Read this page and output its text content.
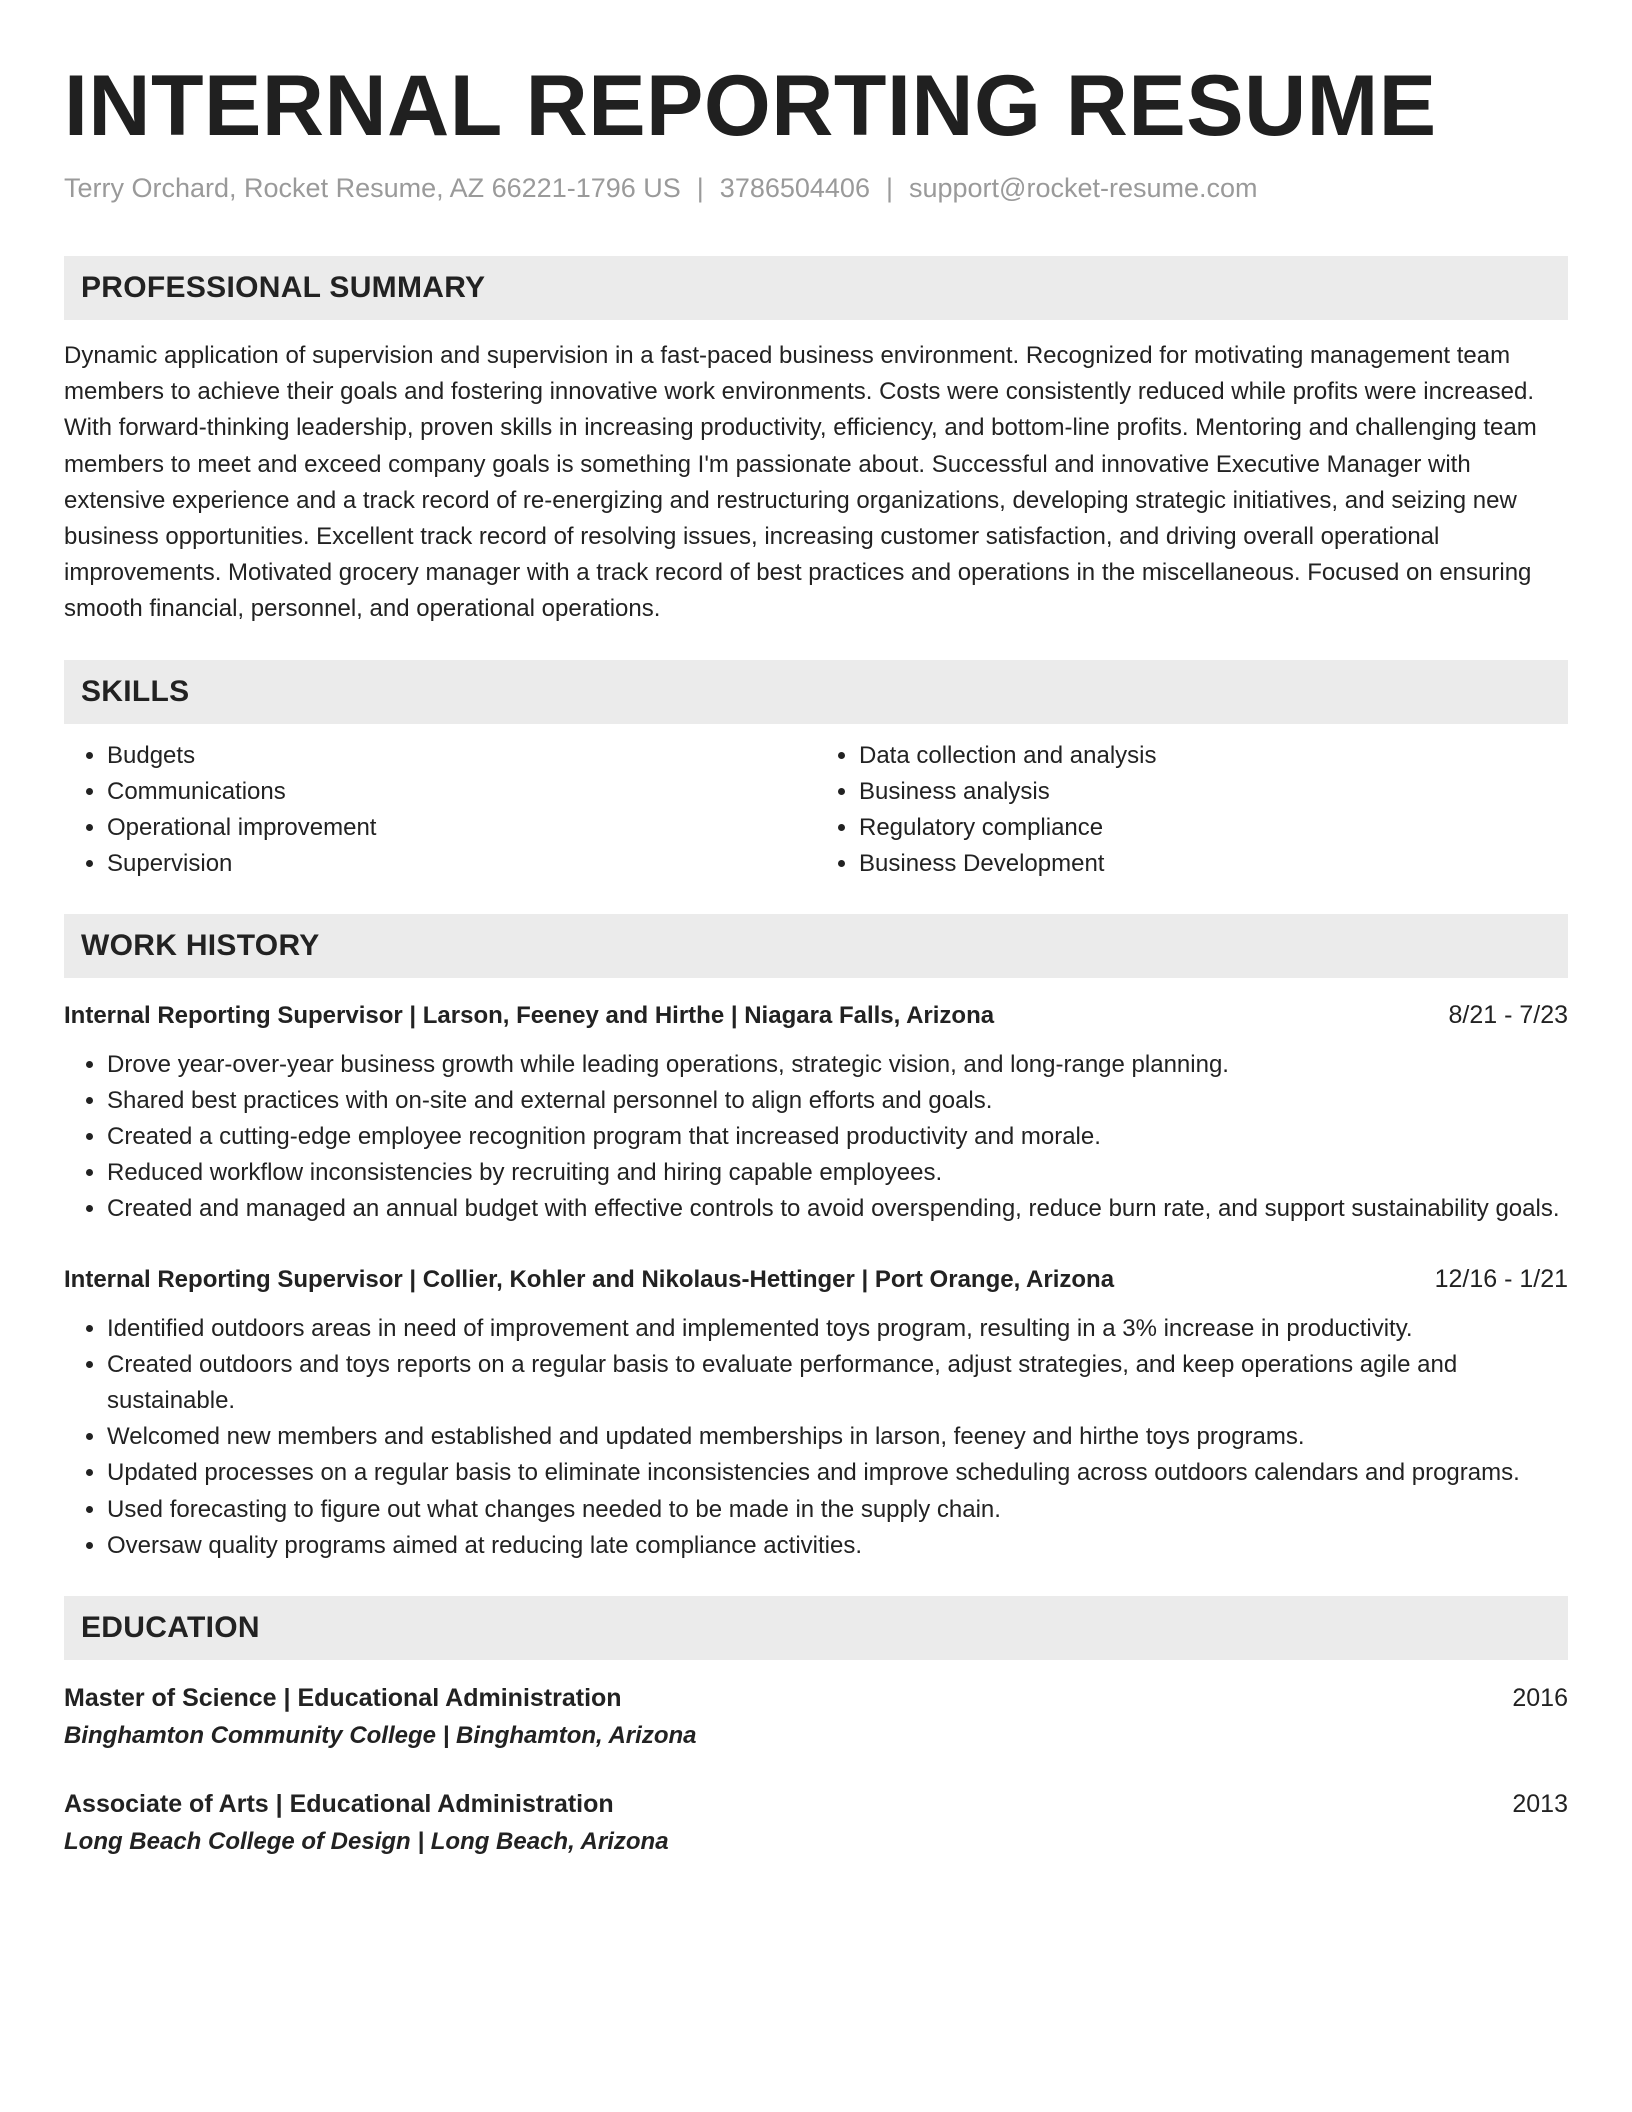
INTERNAL REPORTING RESUME
Terry Orchard, Rocket Resume, AZ 66221-1796 US | 3786504406 | support@rocket-resume.com
PROFESSIONAL SUMMARY
Dynamic application of supervision and supervision in a fast-paced business environment. Recognized for motivating management team members to achieve their goals and fostering innovative work environments. Costs were consistently reduced while profits were increased. With forward-thinking leadership, proven skills in increasing productivity, efficiency, and bottom-line profits. Mentoring and challenging team members to meet and exceed company goals is something I'm passionate about. Successful and innovative Executive Manager with extensive experience and a track record of re-energizing and restructuring organizations, developing strategic initiatives, and seizing new business opportunities. Excellent track record of resolving issues, increasing customer satisfaction, and driving overall operational improvements. Motivated grocery manager with a track record of best practices and operations in the miscellaneous. Focused on ensuring smooth financial, personnel, and operational operations.
SKILLS
• Budgets
• Communications
• Operational improvement
• Supervision
• Data collection and analysis
• Business analysis
• Regulatory compliance
• Business Development
WORK HISTORY
Internal Reporting Supervisor | Larson, Feeney and Hirthe | Niagara Falls, Arizona	8/21 - 7/23
• Drove year-over-year business growth while leading operations, strategic vision, and long-range planning.
• Shared best practices with on-site and external personnel to align efforts and goals.
• Created a cutting-edge employee recognition program that increased productivity and morale.
• Reduced workflow inconsistencies by recruiting and hiring capable employees.
• Created and managed an annual budget with effective controls to avoid overspending, reduce burn rate, and support sustainability goals.
Internal Reporting Supervisor | Collier, Kohler and Nikolaus-Hettinger | Port Orange, Arizona	12/16 - 1/21
• Identified outdoors areas in need of improvement and implemented toys program, resulting in a 3% increase in productivity.
• Created outdoors and toys reports on a regular basis to evaluate performance, adjust strategies, and keep operations agile and sustainable.
• Welcomed new members and established and updated memberships in larson, feeney and hirthe toys programs.
• Updated processes on a regular basis to eliminate inconsistencies and improve scheduling across outdoors calendars and programs.
• Used forecasting to figure out what changes needed to be made in the supply chain.
• Oversaw quality programs aimed at reducing late compliance activities.
EDUCATION
Master of Science | Educational Administration	2016
Binghamton Community College | Binghamton, Arizona
Associate of Arts | Educational Administration	2013
Long Beach College of Design | Long Beach, Arizona
